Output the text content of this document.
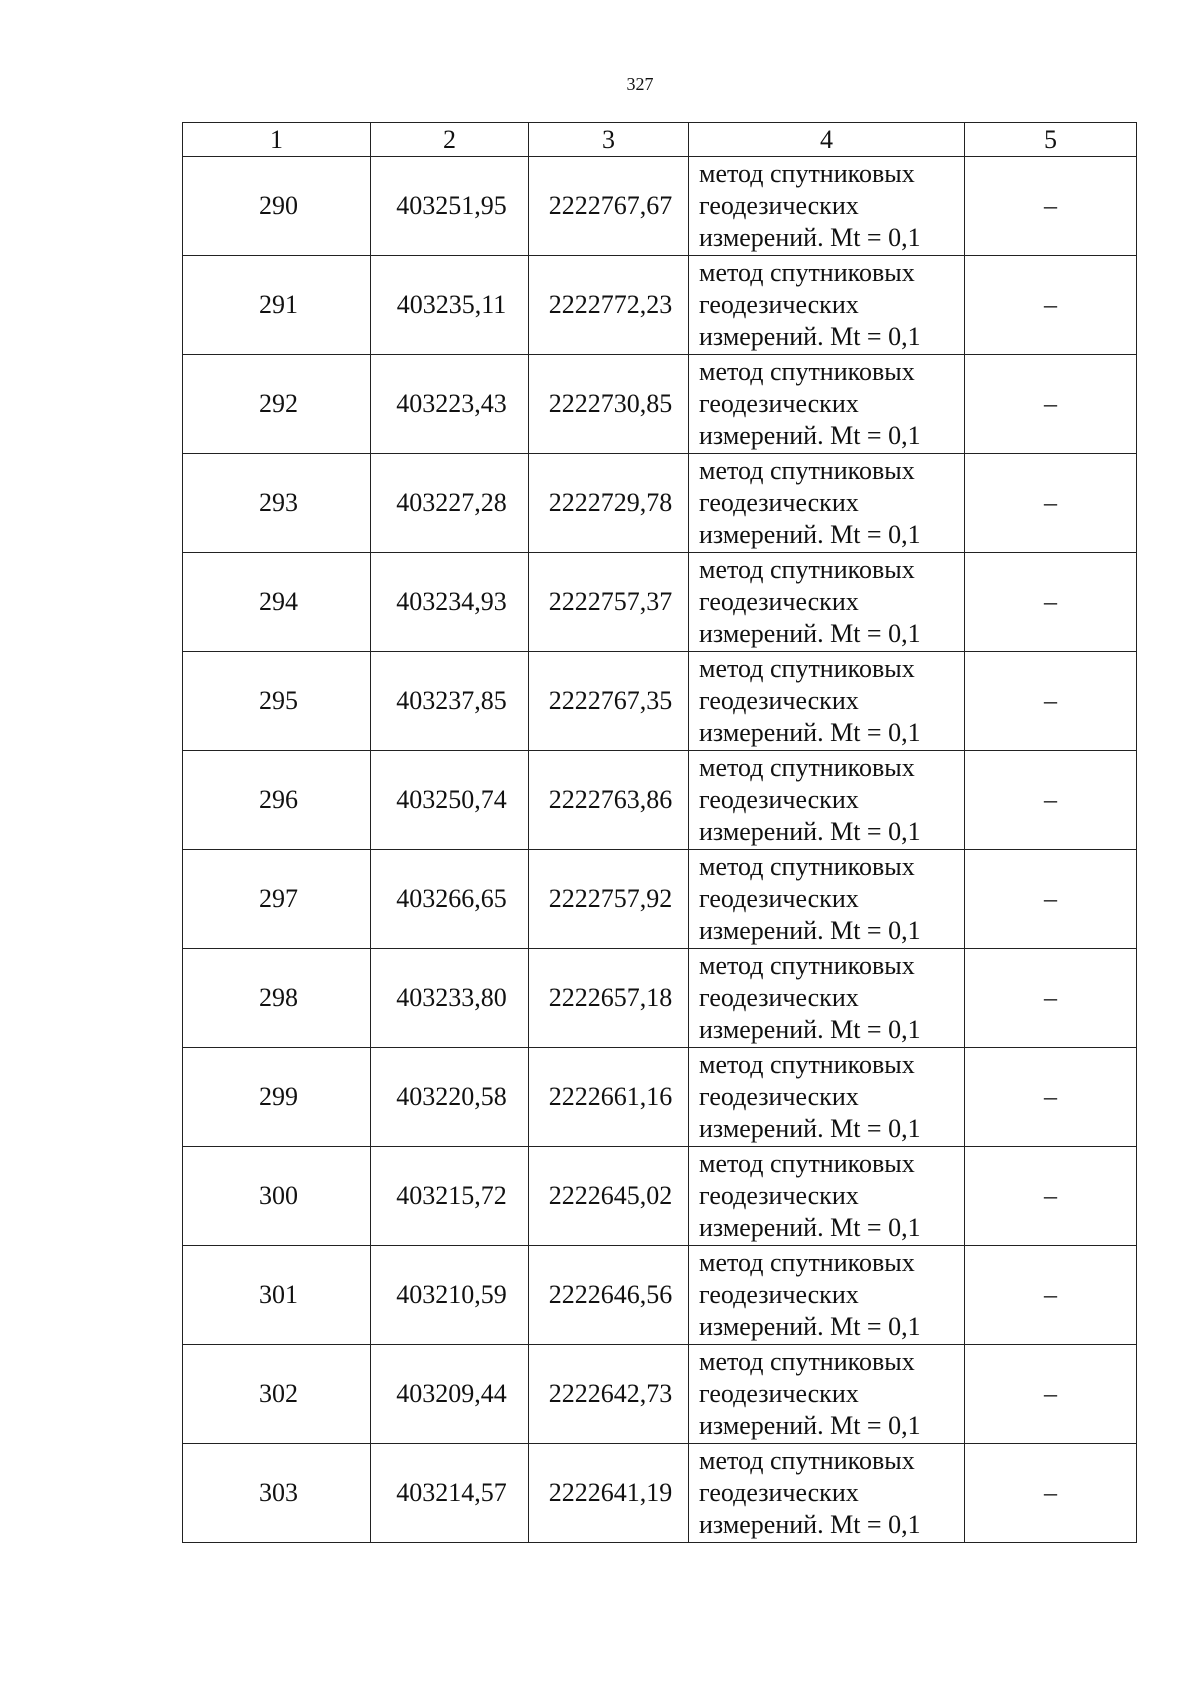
327
1	2	3	4	5
290	403251,95	2222767,67	метод спутниковых
геодезических
измерений. Mt = 0,1	–
291	403235,11	2222772,23	метод спутниковых
геодезических
измерений. Mt = 0,1	–
292	403223,43	2222730,85	метод спутниковых
геодезических
измерений. Mt = 0,1	–
293	403227,28	2222729,78	метод спутниковых
геодезических
измерений. Mt = 0,1	–
294	403234,93	2222757,37	метод спутниковых
геодезических
измерений. Mt = 0,1	–
295	403237,85	2222767,35	метод спутниковых
геодезических
измерений. Mt = 0,1	–
296	403250,74	2222763,86	метод спутниковых
геодезических
измерений. Mt = 0,1	–
297	403266,65	2222757,92	метод спутниковых
геодезических
измерений. Mt = 0,1	–
298	403233,80	2222657,18	метод спутниковых
геодезических
измерений. Mt = 0,1	–
299	403220,58	2222661,16	метод спутниковых
геодезических
измерений. Mt = 0,1	–
300	403215,72	2222645,02	метод спутниковых
геодезических
измерений. Mt = 0,1	–
301	403210,59	2222646,56	метод спутниковых
геодезических
измерений. Mt = 0,1	–
302	403209,44	2222642,73	метод спутниковых
геодезических
измерений. Mt = 0,1	–
303	403214,57	2222641,19	метод спутниковых
геодезических
измерений. Mt = 0,1	–
